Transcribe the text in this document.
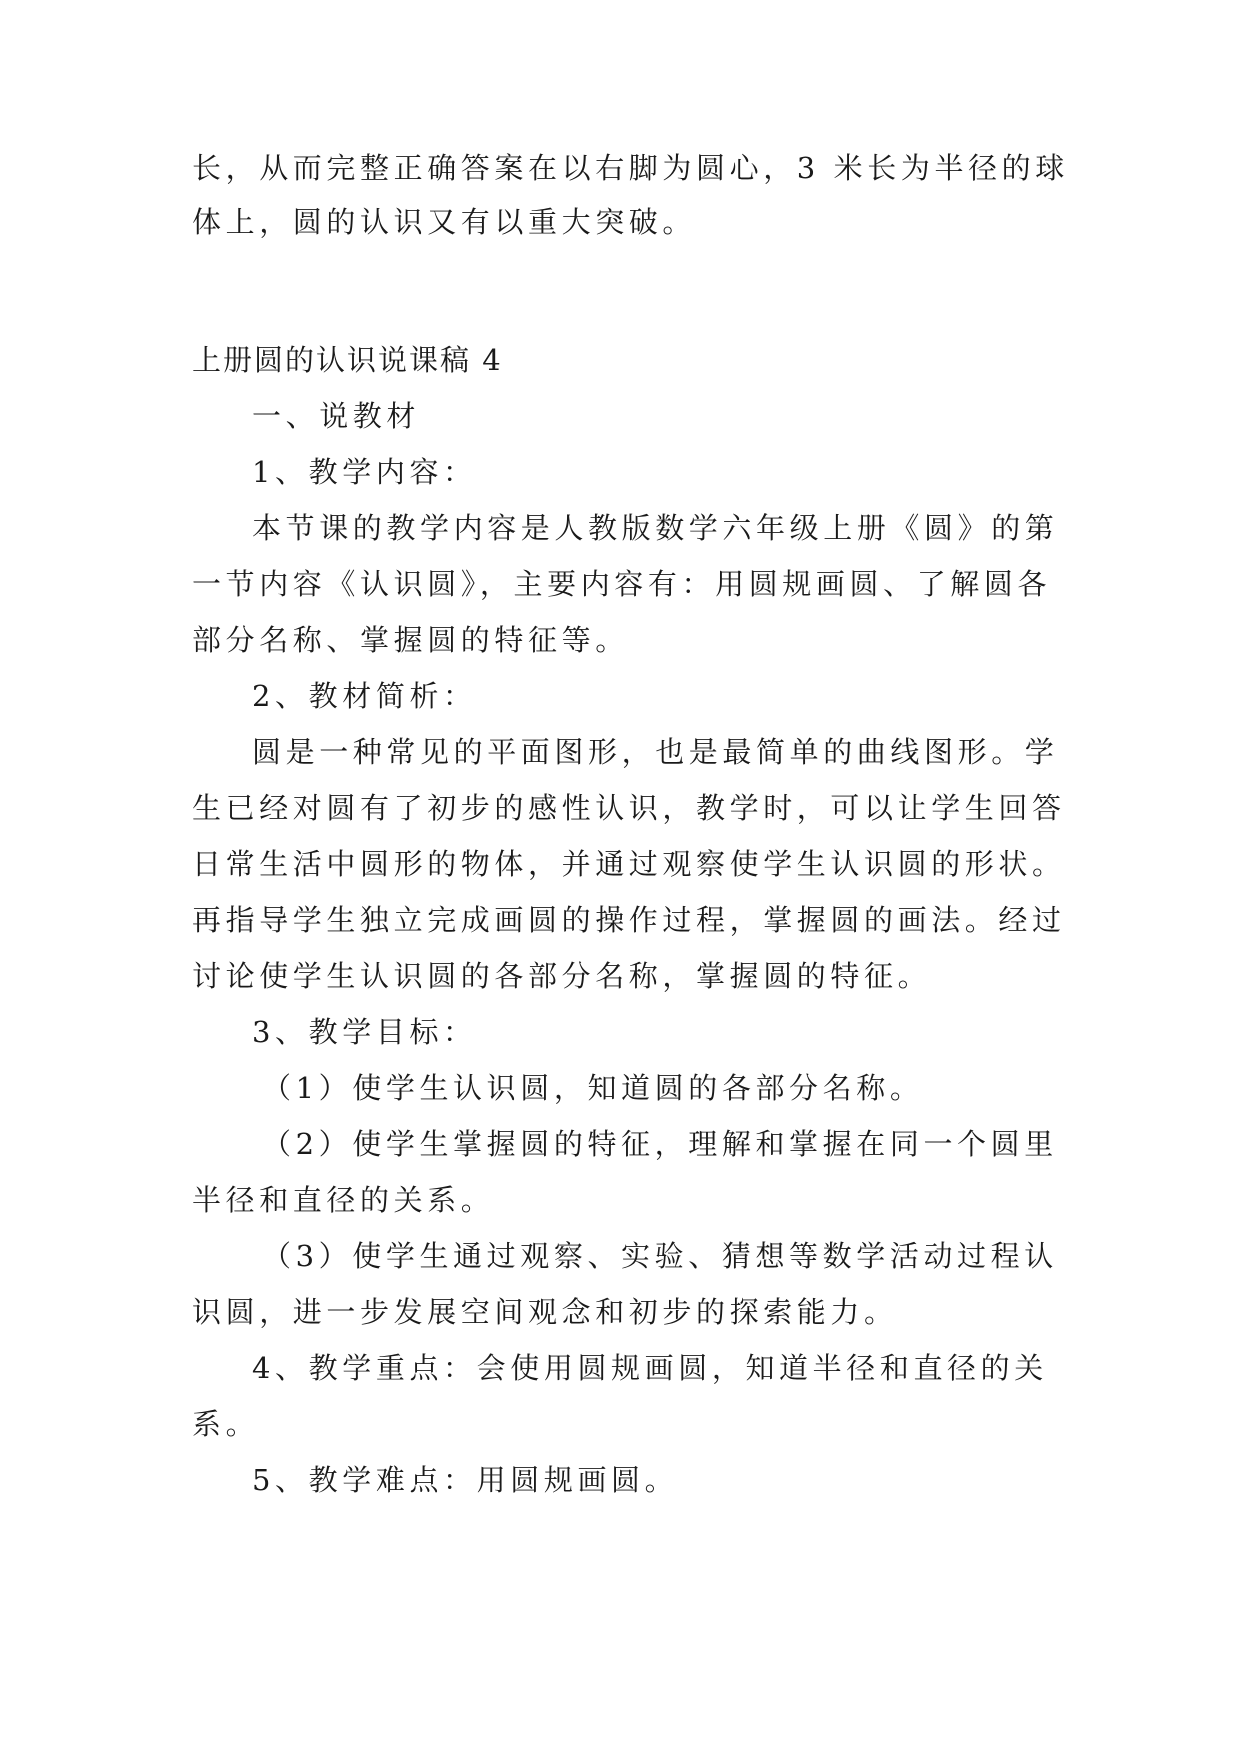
长，从而完整正确答案在以右脚为圆心，3 米长为半径的球

体上，圆的认识又有以重大突破。

上册圆的认识说课稿 4

一、说教材

1、教学内容：

本节课的教学内容是人教版数学六年级上册《圆》的第

一节内容《认识圆》，主要内容有：用圆规画圆、了解圆各

部分名称、掌握圆的特征等。

2、教材简析：

圆是一种常见的平面图形，也是最简单的曲线图形。学

生已经对圆有了初步的感性认识，教学时，可以让学生回答

日常生活中圆形的物体，并通过观察使学生认识圆的形状。

再指导学生独立完成画圆的操作过程，掌握圆的画法。经过

讨论使学生认识圆的各部分名称，掌握圆的特征。

3、教学目标：

（1）使学生认识圆，知道圆的各部分名称。

（2）使学生掌握圆的特征，理解和掌握在同一个圆里

半径和直径的关系。

（3）使学生通过观察、实验、猜想等数学活动过程认

识圆，进一步发展空间观念和初步的探索能力。

4、教学重点：会使用圆规画圆，知道半径和直径的关

系。

5、教学难点：用圆规画圆。
